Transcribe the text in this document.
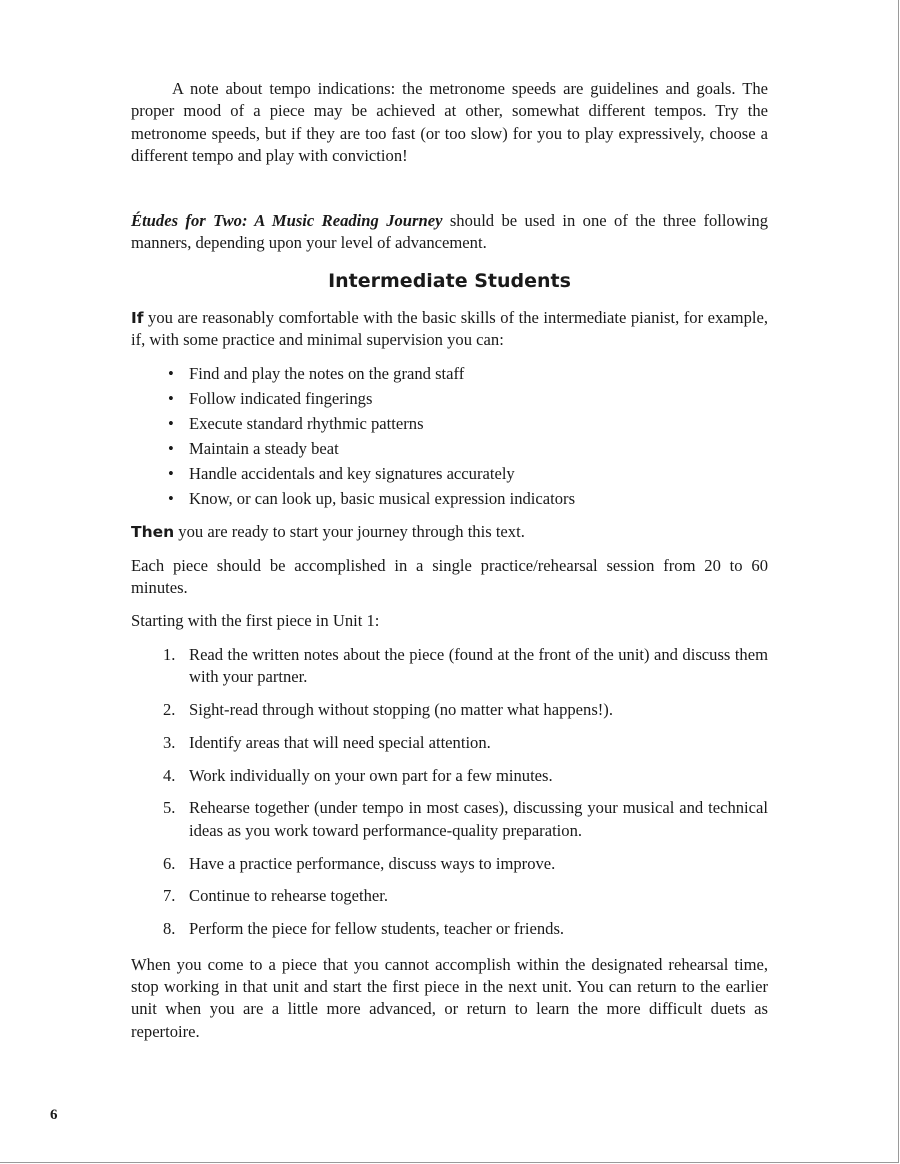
A note about tempo indications: the metronome speeds are guidelines and goals. The proper mood of a piece may be achieved at other, somewhat different tempos. Try the metronome speeds, but if they are too fast (or too slow) for you to play expressively, choose a different tempo and play with conviction!

Études for Two: A Music Reading Journey should be used in one of the three following manners, depending upon your level of advancement.

Intermediate Students

If you are reasonably comfortable with the basic skills of the intermediate pianist, for example, if, with some practice and minimal supervision you can:

• Find and play the notes on the grand staff
• Follow indicated fingerings
• Execute standard rhythmic patterns
• Maintain a steady beat
• Handle accidentals and key signatures accurately
• Know, or can look up, basic musical expression indicators

Then you are ready to start your journey through this text.

Each piece should be accomplished in a single practice/rehearsal session from 20 to 60 minutes.

Starting with the first piece in Unit 1:

1. Read the written notes about the piece (found at the front of the unit) and discuss them with your partner.
2. Sight-read through without stopping (no matter what happens!).
3. Identify areas that will need special attention.
4. Work individually on your own part for a few minutes.
5. Rehearse together (under tempo in most cases), discussing your musical and technical ideas as you work toward performance-quality preparation.
6. Have a practice performance, discuss ways to improve.
7. Continue to rehearse together.
8. Perform the piece for fellow students, teacher or friends.

When you come to a piece that you cannot accomplish within the designated rehearsal time, stop working in that unit and start the first piece in the next unit. You can return to the earlier unit when you are a little more advanced, or return to learn the more difficult duets as repertoire.

6
